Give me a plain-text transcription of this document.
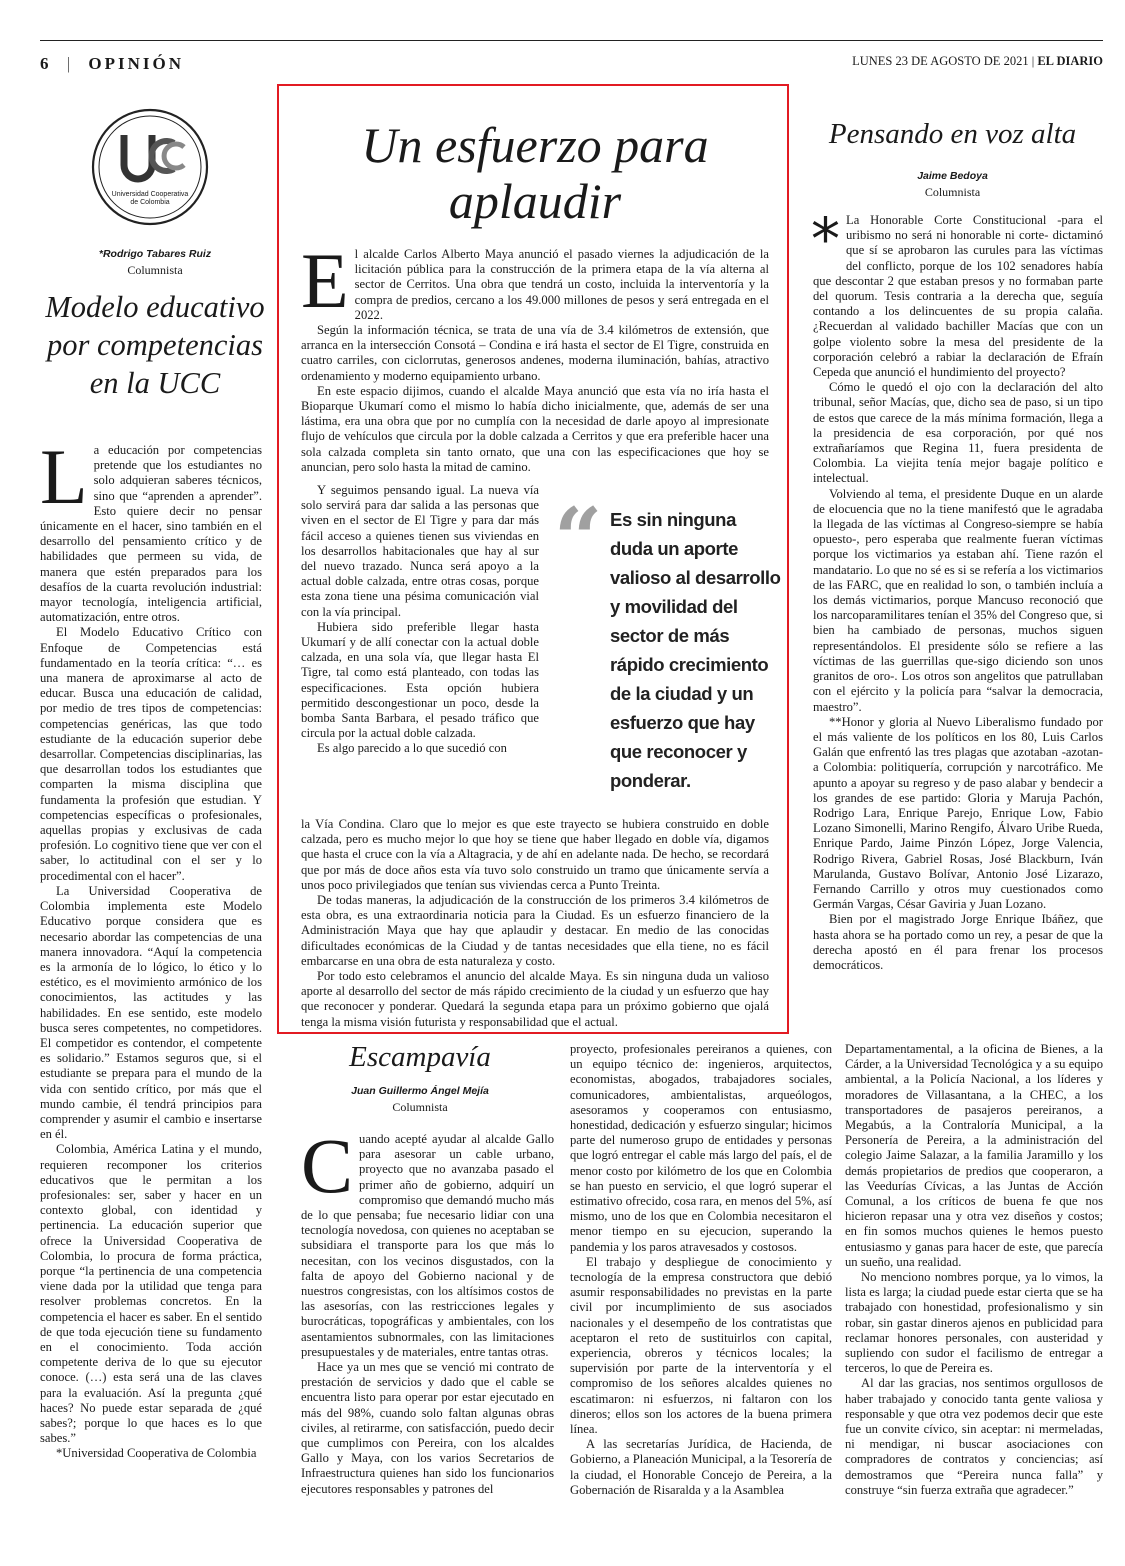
6 | OPINIÓN	LUNES 23 DE AGOSTO DE 2021 | EL DIARIO
Universidad Cooperativa
de Colombia
*Rodrigo Tabares Ruiz
Columnista
Modelo educativo
por competencias
en la UCC

La educación por competencias pretende que los estudiantes no solo adquieran saberes técnicos, sino que “aprenden a aprender”. Esto quiere decir no pensar únicamente en el hacer, sino también en el desarrollo del pensamiento crítico y de habilidades que permeen su vida, de manera que estén preparados para los desafíos de la cuarta revolución industrial: mayor tecnología, inteligencia artificial, automatización, entre otros.

El Modelo Educativo Crítico con Enfoque de Competencias está fundamentado en la teoría crítica: “… es una manera de aproximarse al acto de educar. Busca una educación de calidad, por medio de tres tipos de competencias: competencias genéricas, las que todo estudiante de la educación superior debe desarrollar. Competencias disciplinarias, las que desarrollan todos los estudiantes que comparten la misma disciplina que fundamenta la profesión que estudian. Y competencias específicas o profesionales, aquellas propias y exclusivas de cada profesión. Lo cognitivo tiene que ver con el saber, lo actitudinal con el ser y lo procedimental con el hacer”.

La Universidad Cooperativa de Colombia implementa este Modelo Educativo porque considera que es necesario abordar las competencias de una manera innovadora. “Aquí la competencia es la armonía de lo lógico, lo ético y lo estético, es el movimiento armónico de los conocimientos, las actitudes y las habilidades. En ese sentido, este modelo busca seres competentes, no competidores. El competidor es contendor, el competente es solidario.” Estamos seguros que, si el estudiante se prepara para el mundo de la vida con sentido crítico, por más que el mundo cambie, él tendrá principios para comprender y asumir el cambio e insertarse en él.

Colombia, América Latina y el mundo, requieren recomponer los criterios educativos que le permitan a los profesionales: ser, saber y hacer en un contexto global, con identidad y pertinencia. La educación superior que ofrece la Universidad Cooperativa de Colombia, lo procura de forma práctica, porque “la pertinencia de una competencia viene dada por la utilidad que tenga para resolver problemas concretos. En la competencia el hacer es saber. En el sentido de que toda ejecución tiene su fundamento en el conocimiento. Toda acción competente deriva de lo que su ejecutor conoce. (…) esta será una de las claves para la evaluación. Así la pregunta ¿qué haces? No puede estar separada de ¿qué sabes?; porque lo que haces es lo que sabes.”

*Universidad Cooperativa de Colombia

Un esfuerzo para
aplaudir

El alcalde Carlos Alberto Maya anunció el pasado viernes la adjudicación de la licitación pública para la construcción de la primera etapa de la vía alterna al sector de Cerritos. Una obra que tendrá un costo, incluida la interventoría y la compra de predios, cercano a los 49.000 millones de pesos y será entregada en el 2022.

Según la información técnica, se trata de una vía de 3.4 kilómetros de extensión, que arranca en la intersección Consotá – Condina e irá hasta el sector de El Tigre, construida en cuatro carriles, con ciclorrutas, generosos andenes, moderna iluminación, bahías, atractivo ordenamiento y moderno equipamiento urbano.

En este espacio dijimos, cuando el alcalde Maya anunció que esta vía no iría hasta el Bioparque Ukumarí como el mismo lo había dicho inicialmente, que, además de ser una lástima, era una obra que por no cumplía con la necesidad de darle apoyo al impresionate flujo de vehículos que circula por la doble calzada a Cerritos y que era preferible hacer una sola calzada completa sin tanto ornato, que una con las especificaciones que hoy se anuncian, pero solo hasta la mitad de camino.

Y seguimos pensando igual. La nueva vía solo servirá para dar salida a las personas que viven en el sector de El Tigre y para dar más fácil acceso a quienes tienen sus viviendas en los desarrollos habitacionales que hay al sur del nuevo trazado. Nunca será apoyo a la actual doble calzada, entre otras cosas, porque esta zona tiene una pésima comunicación vial con la vía principal.

Hubiera sido preferible llegar hasta Ukumarí y de allí conectar con la actual doble calzada, en una sola vía, que llegar hasta El Tigre, tal como está planteado, con todas las especificaciones. Esta opción hubiera permitido descongestionar un poco, desde la bomba Santa Barbara, el pesado tráfico que circula por la actual doble calzada.

Es algo parecido a lo que sucedió con

“ Es sin ninguna duda un aporte valioso al desarrollo y movilidad del sector de más rápido crecimiento de la ciudad y un esfuerzo que hay que reconocer y ponderar.

la Vía Condina. Claro que lo mejor es que este trayecto se hubiera construido en doble calzada, pero es mucho mejor lo que hoy se tiene que haber llegado en doble vía, digamos que hasta el cruce con la vía a Altagracia, y de ahí en adelante nada. De hecho, se recordará que por más de doce años esta vía tuvo solo construido un tramo que únicamente servía a unos poco privilegiados que tenían sus viviendas cerca a Punto Treinta.

De todas maneras, la adjudicación de la construcción de los primeros 3.4 kilómetros de esta obra, es una extraordinaria noticia para la Ciudad. Es un esfuerzo financiero de la Administración Maya que hay que aplaudir y destacar. En medio de las conocidas dificultades económicas de la Ciudad y de tantas necesidades que ella tiene, no es fácil embarcarse en una obra de esta naturaleza y costo.

Por todo esto celebramos el anuncio del alcalde Maya. Es sin ninguna duda un valioso aporte al desarrollo del sector de más rápido crecimiento de la ciudad y un esfuerzo que hay que reconocer y ponderar. Quedará la segunda etapa para un próximo gobierno que ojalá tenga la misma visión futurista y responsabilidad que el actual.

Pensando en voz alta
Jaime Bedoya
Columnista

* La Honorable Corte Constitucional -para el uribismo no será ni honorable ni corte- dictaminó que sí se aprobaron las curules para las víctimas del conflicto, porque de los 102 senadores había que descontar 2 que estaban presos y no formaban parte del quorum. Tesis contraria a la derecha que, seguía contando a los delincuentes de su propia calaña. ¿Recuerdan al validado bachiller Macías que con un golpe violento sobre la mesa del presidente de la corporación celebró a rabiar la declaración de Efraín Cepeda que anunció el hundimiento del proyecto?

Cómo le quedó el ojo con la declaración del alto tribunal, señor Macías, que, dicho sea de paso, si un tipo de estos que carece de la más mínima formación, llega a la presidencia de esa corporación, por qué nos extrañaríamos que Regina 11, fuera presidenta de Colombia. La viejita tenía mejor bagaje político e intelectual.

Volviendo al tema, el presidente Duque en un alarde de elocuencia que no la tiene manifestó que le agradaba la llegada de las víctimas al Congreso-siempre se había opuesto-, pero esperaba que realmente fueran víctimas porque los victimarios ya estaban ahí. Tiene razón el mandatario. Lo que no sé es si se refería a los victimarios de las FARC, que en realidad lo son, o también incluía a los demás victimarios, porque Mancuso reconoció que los narcoparamilitares tenían el 35% del Congreso que, si bien ha cambiado de personas, muchos siguen representándolos. El presidente sólo se refiere a las víctimas de las guerrillas que-sigo diciendo son unos granitos de oro-. Los otros son angelitos que patrullaban con el ejército y la policía para “salvar la democracia, maestro”.

**Honor y gloria al Nuevo Liberalismo fundado por el más valiente de los políticos en los 80, Luis Carlos Galán que enfrentó las tres plagas que azotaban -azotan- a Colombia: politiquería, corrupción y narcotráfico. Me apunto a apoyar su regreso y de paso alabar y bendecir a los grandes de ese partido: Gloria y Maruja Pachón, Rodrigo Lara, Enrique Parejo, Enrique Low, Fabio Lozano Simonelli, Marino Rengifo, Álvaro Uribe Rueda, Enrique Pardo, Jaime Pinzón López, Jorge Valencia, Rodrigo Rivera, Gabriel Rosas, José Blackburn, Iván Marulanda, Gustavo Bolívar, Antonio José Lizarazo, Fernando Carrillo y otros muy cuestionados como Germán Vargas, César Gaviria y Juan Lozano.

Bien por el magistrado Jorge Enrique Ibáñez, que hasta ahora se ha portado como un rey, a pesar de que la derecha apostó en él para frenar los procesos democráticos.

Escampavía
Juan Guillermo Ángel Mejía
Columnista

Cuando acepté ayudar al alcalde Gallo para asesorar un cable urbano, proyecto que no avanzaba pasado el primer año de gobierno, adquirí un compromiso que demandó mucho más de lo que pensaba; fue necesario lidiar con una tecnología novedosa, con quienes no aceptaban se subsidiara el transporte para los que más lo necesitan, con los vecinos disgustados, con la falta de apoyo del Gobierno nacional y de nuestros congresistas, con los altísimos costos de las asesorías, con las restricciones legales y burocráticas, topográficas y ambientales, con los asentamientos subnormales, con las limitaciones presupuestales y de materiales, entre tantas otras.

Hace ya un mes que se venció mi contrato de prestación de servicios y dado que el cable se encuentra listo para operar por estar ejecutado en más del 98%, cuando solo faltan algunas obras civiles, al retirarme, con satisfacción, puedo decir que cumplimos con Pereira, con los alcaldes Gallo y Maya, con los varios Secretarios de Infraestructura quienes han sido los funcionarios ejecutores responsables y patrones del

proyecto, profesionales pereiranos a quienes, con un equipo técnico de: ingenieros, arquitectos, economistas, abogados, trabajadores sociales, comunicadores, ambientalistas, arqueólogos, asesoramos y cooperamos con entusiasmo, honestidad, dedicación y esfuerzo singular; hicimos parte del numeroso grupo de entidades y personas que logró entregar el cable más largo del país, el de menor costo por kilómetro de los que en Colombia se han puesto en servicio, el que logró superar el estimativo ofrecido, cosa rara, en menos del 5%, así mismo, uno de los que en Colombia necesitaron el menor tiempo en su ejecucion, superando la pandemia y los paros atravesados y costosos.

El trabajo y despliegue de conocimiento y tecnología de la empresa constructora que debió asumir responsabilidades no previstas en la parte civil por incumplimiento de sus asociados nacionales y el desempeño de los contratistas que aceptaron el reto de sustituirlos con capital, experiencia, obreros y técnicos locales; la supervisión por parte de la interventoría y el compromiso de los señores alcaldes quienes no escatimaron: ni esfuerzos, ni faltaron con los dineros; ellos son los actores de la buena primera línea.

A las secretarías Jurídica, de Hacienda, de Gobierno, a Planeación Municipal, a la Tesorería de la ciudad, el Honorable Concejo de Pereira, a la Gobernación de Risaralda y a la Asamblea

Departamentamental, a la oficina de Bienes, a la Cárder, a la Universidad Tecnológica y a su equipo ambiental, a la Policía Nacional, a los líderes y moradores de Villasantana, a la CHEC, a los transportadores de pasajeros pereiranos, a Megabús, a la Contraloría Municipal, a la Personería de Pereira, a la administración del colegio Jaime Salazar, a la familia Jaramillo y los demás propietarios de predios que cooperaron, a las Veedurías Cívicas, a las Juntas de Acción Comunal, a los críticos de buena fe que nos hicieron repasar una y otra vez diseños y costos; en fin somos muchos quienes le hemos puesto entusiasmo y ganas para hacer de este, que parecía un sueño, una realidad.

No menciono nombres porque, ya lo vimos, la lista es larga; la ciudad puede estar cierta que se ha trabajado con honestidad, profesionalismo y sin robar, sin gastar dineros ajenos en publicidad para reclamar honores personales, con austeridad y supliendo con sudor el facilismo de entregar a terceros, lo que de Pereira es.

Al dar las gracias, nos sentimos orgullosos de haber trabajado y conocido tanta gente valiosa y responsable y que otra vez podemos decir que este fue un convite cívico, sin aceptar: ni mermeladas, ni mendigar, ni buscar asociaciones con compradores de contratos y conciencias; así demostramos que “Pereira nunca falla” y construye “sin fuerza extraña que agradecer.”
